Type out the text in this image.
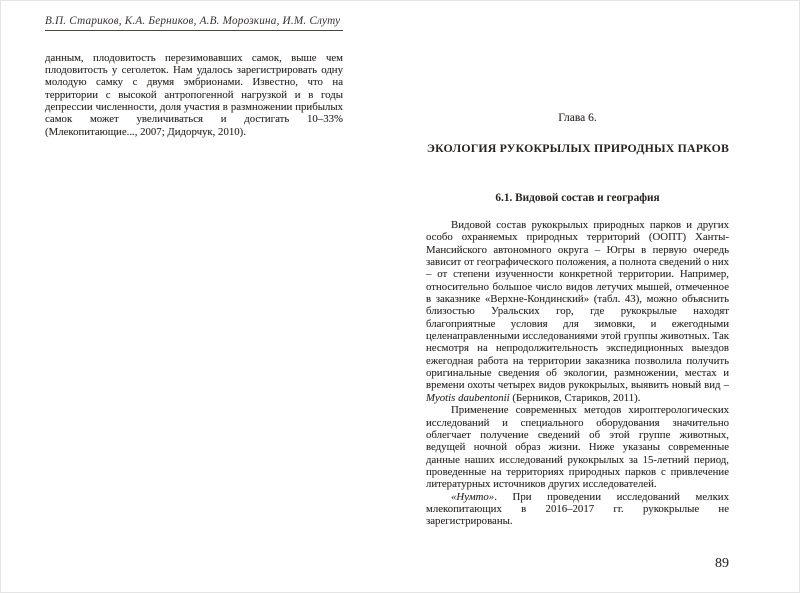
В.П. Стариков, К.А. Берников, А.В. Морозкина, И.М. Слуту

данным, плодовитость перезимовавших самок, выше чем плодовитость у сеголеток. Нам удалось зарегистрировать одну молодую самку с двумя эмбрионами. Известно, что на территории с высокой антропогенной нагрузкой и в годы депрессии численности, доля участия в размножении прибылых самок может увеличиваться и достигать 10–33% (Млекопитающие..., 2007; Дидорчук, 2010).

Глава 6.
ЭКОЛОГИЯ РУКОКРЫЛЫХ ПРИРОДНЫХ ПАРКОВ
6.1. Видовой состав и география

Видовой состав рукокрылых природных парков и других особо охраняемых природных территорий (ООПТ) Ханты-Мансийского автономного округа – Югры в первую очередь зависит от географического положения, а полнота сведений о них – от степени изученности конкретной территории. Например, относительно большое число видов летучих мышей, отмеченное в заказнике «Верхне-Кондинский» (табл. 43), можно объяснить близостью Уральских гор, где рукокрылые находят благоприятные условия для зимовки, и ежегодными целенаправленными исследованиями этой группы животных. Так несмотря на непродолжительность экспедиционных выездов ежегодная работа на территории заказника позволила получить оригинальные сведения об экологии, размножении, местах и времени охоты четырех видов рукокрылых, выявить новый вид – Myotis daubentonii (Берников, Стариков, 2011).

Применение современных методов хироптерологических исследований и специального оборудования значительно облегчает получение сведений об этой группе животных, ведущей ночной образ жизни. Ниже указаны современные данные наших исследований рукокрылых за 15-летний период, проведенные на территориях природных парков с привлечение литературных источников других исследователей.

«Нумто». При проведении исследований мелких млекопитающих в 2016–2017 гг. рукокрылые не зарегистрированы.

89
